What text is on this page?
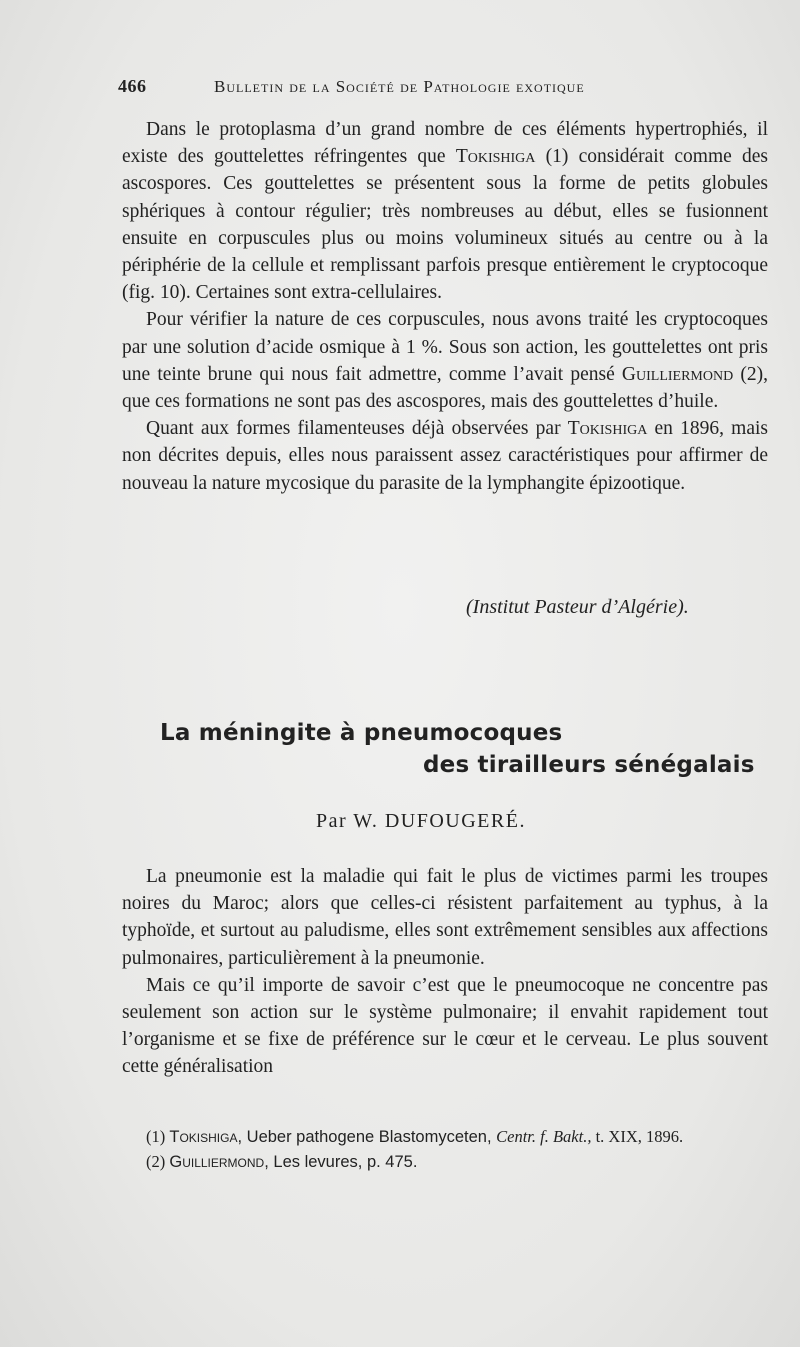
466	Bulletin de la Société de Pathologie exotique

Dans le protoplasma d’un grand nombre de ces éléments hypertrophiés, il existe des gouttelettes réfringentes que Tokishiga (1) considérait comme des ascospores. Ces gouttelettes se présentent sous la forme de petits globules sphériques à contour régulier; très nombreuses au début, elles se fusionnent ensuite en corpuscules plus ou moins volumineux situés au centre ou à la périphérie de la cellule et remplissant parfois presque entièrement le cryptocoque (fig. 10). Certaines sont extra-cellulaires.

Pour vérifier la nature de ces corpuscules, nous avons traité les cryptocoques par une solution d’acide osmique à 1 %. Sous son action, les gouttelettes ont pris une teinte brune qui nous fait admettre, comme l’avait pensé Guilliermond (2), que ces formations ne sont pas des ascospores, mais des gouttelettes d’huile.

Quant aux formes filamenteuses déjà observées par Tokishiga en 1896, mais non décrites depuis, elles nous paraissent assez caractéristiques pour affirmer de nouveau la nature mycosique du parasite de la lymphangite épizootique.

(Institut Pasteur d’Algérie).
La méningite à pneumocoques
des tirailleurs sénégalais
Par W. DUFOUGERÉ.

La pneumonie est la maladie qui fait le plus de victimes parmi les troupes noires du Maroc; alors que celles-ci résistent parfaitement au typhus, à la typhoïde, et surtout au paludisme, elles sont extrêmement sensibles aux affections pulmonaires, particulièrement à la pneumonie.

Mais ce qu’il importe de savoir c’est que le pneumocoque ne concentre pas seulement son action sur le système pulmonaire; il envahit rapidement tout l’organisme et se fixe de préférence sur le cœur et le cerveau. Le plus souvent cette généralisation

(1) Tokishiga, Ueber pathogene Blastomyceten, Centr. f. Bakt., t. XIX, 1896.

(2) Guilliermond, Les levures, p. 475.
